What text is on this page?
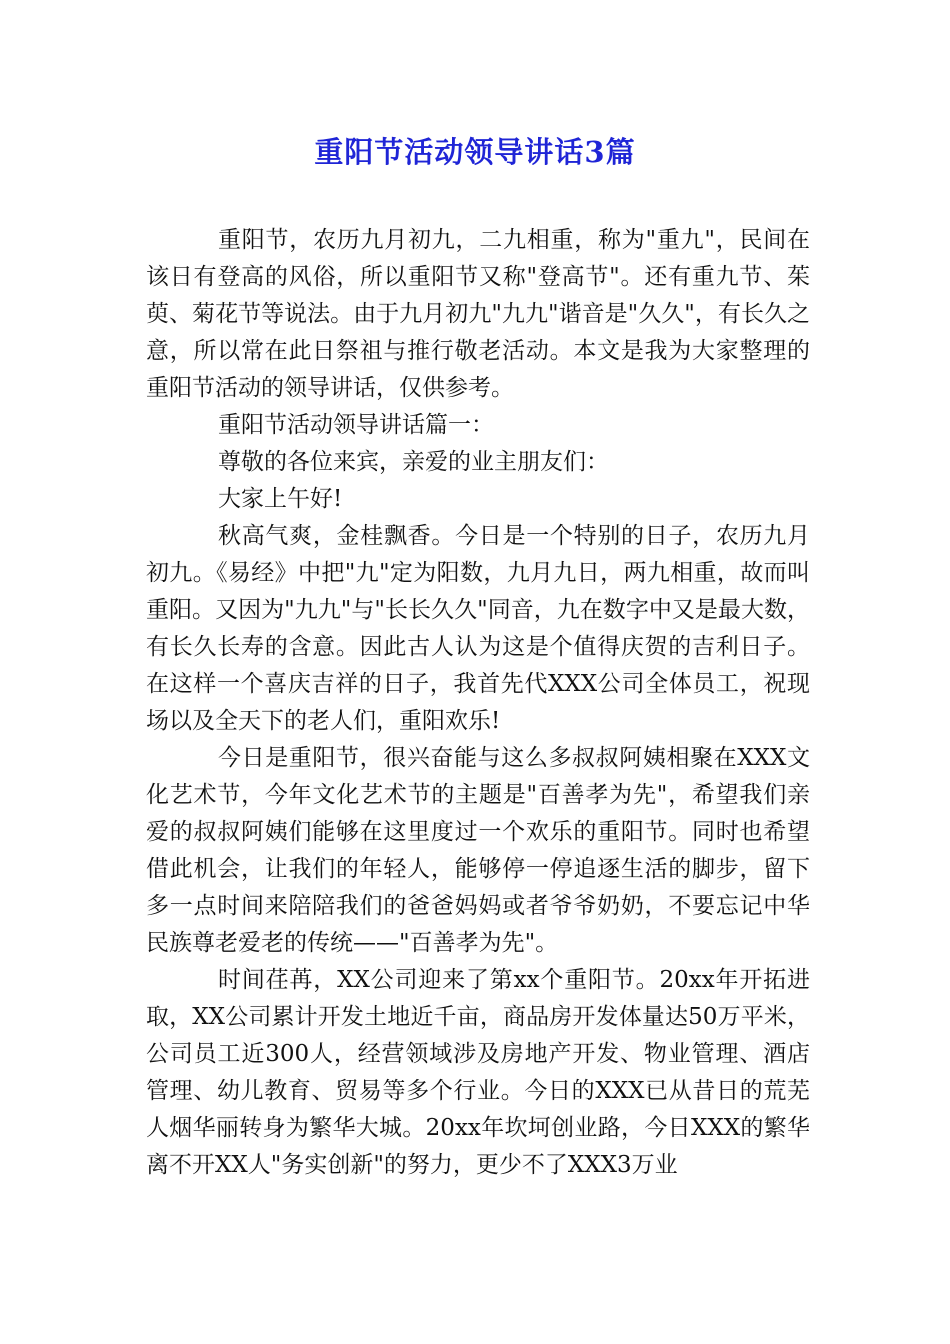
重阳节活动领导讲话3篇

重阳节，农历九月初九，二九相重，称为"重九"，民间在该日有登高的风俗，所以重阳节又称"登高节"。还有重九节、茱萸、菊花节等说法。由于九月初九"九九"谐音是"久久"，有长久之意，所以常在此日祭祖与推行敬老活动。本文是我为大家整理的重阳节活动的领导讲话，仅供参考。

重阳节活动领导讲话篇一：

尊敬的各位来宾，亲爱的业主朋友们：

大家上午好!

秋高气爽，金桂飘香。今日是一个特别的日子，农历九月初九。《易经》中把"九"定为阳数，九月九日，两九相重，故而叫重阳。又因为"九九"与"长长久久"同音，九在数字中又是最大数，有长久长寿的含意。因此古人认为这是个值得庆贺的吉利日子。在这样一个喜庆吉祥的日子，我首先代XXX公司全体员工，祝现场以及全天下的老人们，重阳欢乐!

今日是重阳节，很兴奋能与这么多叔叔阿姨相聚在XXX文化艺术节，今年文化艺术节的主题是"百善孝为先"，希望我们亲爱的叔叔阿姨们能够在这里度过一个欢乐的重阳节。同时也希望借此机会，让我们的年轻人，能够停一停追逐生活的脚步，留下多一点时间来陪陪我们的爸爸妈妈或者爷爷奶奶，不要忘记中华民族尊老爱老的传统——"百善孝为先"。

时间荏苒，XX公司迎来了第xx个重阳节。20xx年开拓进取，XX公司累计开发土地近千亩，商品房开发体量达50万平米，公司员工近300人，经营领域涉及房地产开发、物业管理、酒店管理、幼儿教育、贸易等多个行业。今日的XXX已从昔日的荒芜人烟华丽转身为繁华大城。20xx年坎坷创业路，今日XXX的繁华离不开XX人"务实创新"的努力，更少不了XXX3万业
